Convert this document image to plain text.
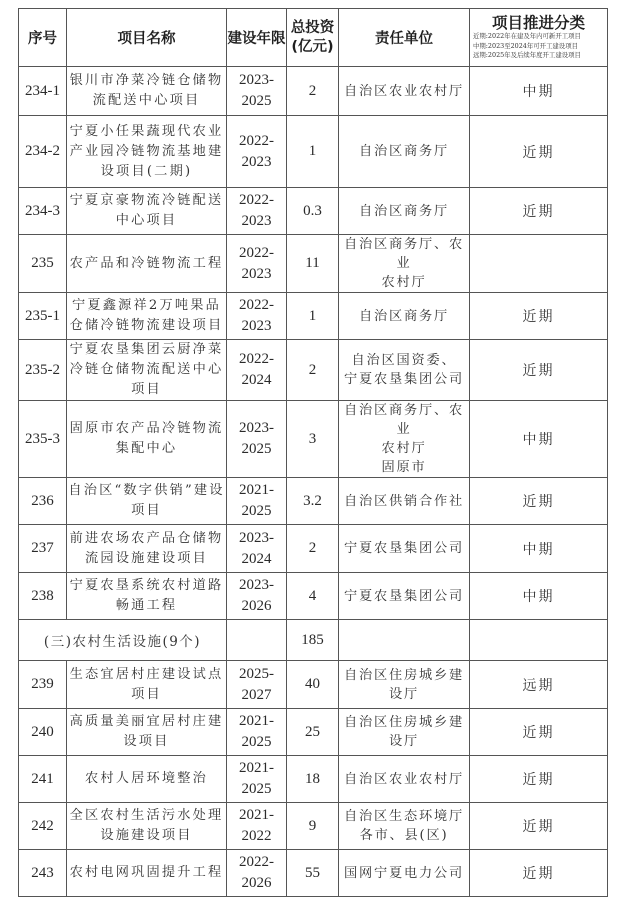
序号	项目名称	建设年限	总投资
(亿元)	责任单位	项目推进分类
近期:2022年在建及年内可新开工项目
中期:2023至2024年可开工建设项目
远期:2025年及后续年度开工建设项目

234-1	银川市净菜冷链仓储物流配送中心项目	2023-
2025	2	自治区农业农村厅	中期
234-2	宁夏小任果蔬现代农业产业园冷链物流基地建设项目(二期)	2022-
2023	1	自治区商务厅	近期
234-3	宁夏京豪物流冷链配送中心项目	2022-
2023	0.3	自治区商务厅	近期
235	农产品和冷链物流工程	2022-
2023	11	自治区商务厅、农业
农村厅	

235-1	宁夏鑫源祥2万吨果品仓储冷链物流建设项目	2022-
2023	1	自治区商务厅	近期
235-2	宁夏农垦集团云厨净菜冷链仓储物流配送中心项目	2022-
2024	2	自治区国资委、
宁夏农垦集团公司	近期
235-3	固原市农产品冷链物流集配中心	2023-
2025	3	自治区商务厅、农业
农村厅
固原市	中期
236	自治区“数字供销”建设项目	2021-
2025	3.2	自治区供销合作社	近期
237	前进农场农产品仓储物流园设施建设项目	2023-
2024	2	宁夏农垦集团公司	中期
238	宁夏农垦系统农村道路畅通工程	2023-
2026	4	宁夏农垦集团公司	中期
(三)农村生活设施(9个)			185		
239	生态宜居村庄建设试点项目	2025-
2027	40	自治区住房城乡建设厅	远期
240	高质量美丽宜居村庄建设项目	2021-
2025	25	自治区住房城乡建设厅	近期
241	农村人居环境整治	2021-
2025	18	自治区农业农村厅	近期
242	全区农村生活污水处理设施建设项目	2021-
2022	9	自治区生态环境厅
各市、县(区)	近期
243	农村电网巩固提升工程	2022-
2026	55	国网宁夏电力公司	近期
